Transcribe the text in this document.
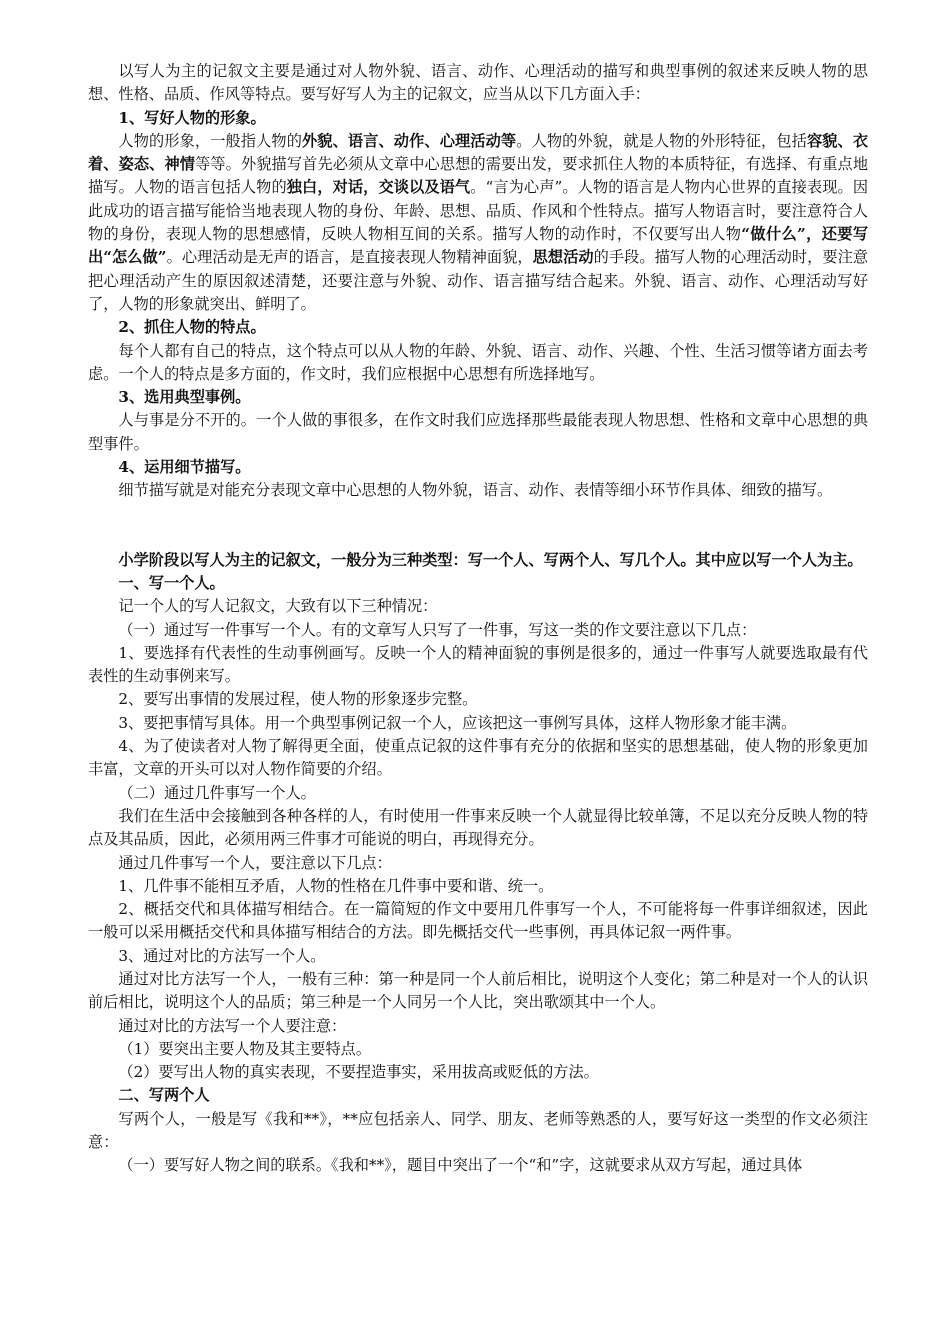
以写人为主的记叙文主要是通过对人物外貌、语言、动作、心理活动的描写和典型事例的叙述来反映人物的思想、性格、品质、作风等特点。要写好写人为主的记叙文，应当从以下几方面入手：

1、写好人物的形象。

人物的形象，一般指人物的外貌、语言、动作、心理活动等。人物的外貌，就是人物的外形特征，包括容貌、衣着、姿态、神情等等。外貌描写首先必须从文章中心思想的需要出发，要求抓住人物的本质特征，有选择、有重点地描写。人物的语言包括人物的独白，对话，交谈以及语气。“言为心声”。人物的语言是人物内心世界的直接表现。因此成功的语言描写能恰当地表现人物的身份、年龄、思想、品质、作风和个性特点。描写人物语言时，要注意符合人物的身份，表现人物的思想感情，反映人物相互间的关系。描写人物的动作时，不仅要写出人物“做什么”，还要写出“怎么做”。心理活动是无声的语言，是直接表现人物精神面貌，思想活动的手段。描写人物的心理活动时，要注意把心理活动产生的原因叙述清楚，还要注意与外貌、动作、语言描写结合起来。外貌、语言、动作、心理活动写好了，人物的形象就突出、鲜明了。

2、抓住人物的特点。

每个人都有自己的特点，这个特点可以从人物的年龄、外貌、语言、动作、兴趣、个性、生活习惯等诸方面去考虑。一个人的特点是多方面的，作文时，我们应根据中心思想有所选择地写。

3、选用典型事例。

人与事是分不开的。一个人做的事很多，在作文时我们应选择那些最能表现人物思想、性格和文章中心思想的典型事件。

4、运用细节描写。

细节描写就是对能充分表现文章中心思想的人物外貌，语言、动作、表情等细小环节作具体、细致的描写。

小学阶段以写人为主的记叙文，一般分为三种类型：写一个人、写两个人、写几个人。其中应以写一个人为主。

一、写一个人。

记一个人的写人记叙文，大致有以下三种情况：

（一）通过写一件事写一个人。有的文章写人只写了一件事，写这一类的作文要注意以下几点：

1、要选择有代表性的生动事例画写。反映一个人的精神面貌的事例是很多的，通过一件事写人就要选取最有代表性的生动事例来写。

2、要写出事情的发展过程，使人物的形象逐步完整。

3、要把事情写具体。用一个典型事例记叙一个人，应该把这一事例写具体，这样人物形象才能丰满。

4、为了使读者对人物了解得更全面，使重点记叙的这件事有充分的依据和坚实的思想基础，使人物的形象更加丰富，文章的开头可以对人物作简要的介绍。

（二）通过几件事写一个人。

我们在生活中会接触到各种各样的人，有时使用一件事来反映一个人就显得比较单簿，不足以充分反映人物的特点及其品质，因此，必须用两三件事才可能说的明白，再现得充分。

通过几件事写一个人，要注意以下几点：

1、几件事不能相互矛盾，人物的性格在几件事中要和谐、统一。

2、概括交代和具体描写相结合。在一篇简短的作文中要用几件事写一个人，不可能将每一件事详细叙述，因此一般可以采用概括交代和具体描写相结合的方法。即先概括交代一些事例，再具体记叙一两件事。

3、通过对比的方法写一个人。

通过对比方法写一个人，一般有三种：第一种是同一个人前后相比，说明这个人变化；第二种是对一个人的认识前后相比，说明这个人的品质；第三种是一个人同另一个人比，突出歌颂其中一个人。

通过对比的方法写一个人要注意：

（1）要突出主要人物及其主要特点。

（2）要写出人物的真实表现，不要捏造事实，采用拔高或贬低的方法。

二、写两个人

写两个人，一般是写《我和**》，**应包括亲人、同学、朋友、老师等熟悉的人，要写好这一类型的作文必须注意：

（一）要写好人物之间的联系。《我和**》，题目中突出了一个“和”字，这就要求从双方写起，通过具体
